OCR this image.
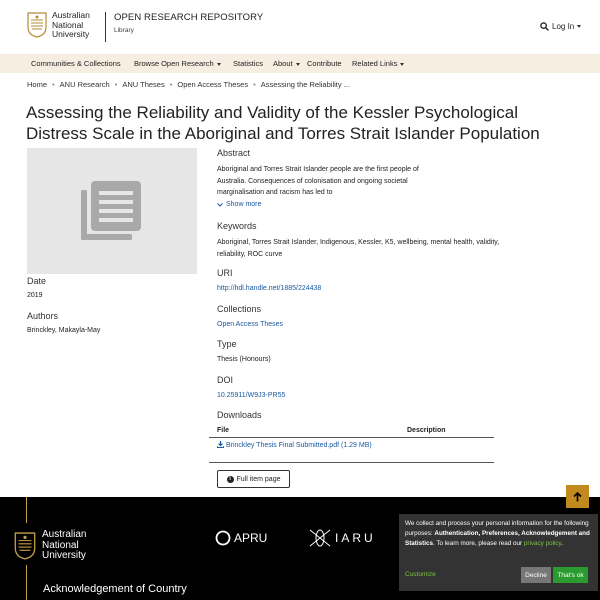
Australian
National
University
OPEN RESEARCH REPOSITORY
Library	Log In
Communities & Collections Browse Open Research	Statistics About	Contribute Related Links
Home • ANU Research • ANU Theses • Open Access Theses • Assessing the Reliability ...
Assessing the Reliability and Validity of the Kessler Psychological Distress Scale in the Aboriginal and Torres Strait Islander Population
Date
2019
Authors
Brinckley, Makayla-May
Abstract
Aboriginal and Torres Strait Islander people are the first people of Australia. Consequences of colonisation and ongoing societal marginalisation and racism has led to
Show more
Keywords
Aboriginal, Torres Strait Islander, Indigenous, Kessler, K5, wellbeing, mental health, validity, reliability, ROC curve
URI
http://hdl.handle.net/1885/224438
Collections
Open Access Theses
Type
Thesis (Honours)
DOI
10.25911/W9J3-PR55
Downloads
File	Description
Brinckley Thesis Final Submitted.pdf (1.29 MB)
i Full item page
Australian
National
University
APRU	IARU
Acknowledgement of Country
We collect and process your personal information for the following purposes: Authentication, Preferences, Acknowledgement and Statistics. To learn more, please read our privacy policy.
Customize	Decline	That's ok
